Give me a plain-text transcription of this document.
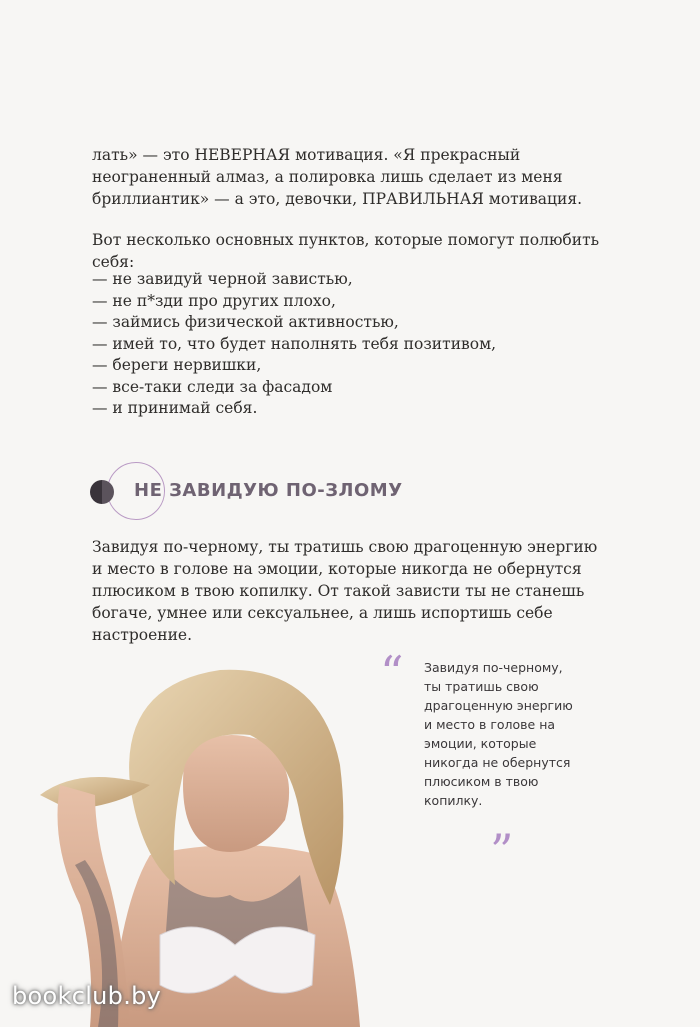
лать» — это НЕВЕРНАЯ мотивация. «Я прекрасный неограненный алмаз, а полировка лишь сделает из меня бриллиантик» — а это, девочки, ПРАВИЛЬНАЯ мотивация.

Вот несколько основных пунктов, которые помогут полюбить себя:

— не завидуй черной завистью,
— не п*зди про других плохо,
— займись физической активностью,
— имей то, что будет наполнять тебя позитивом,
— береги нервишки,
— все-таки следи за фасадом
— и принимай себя.
НЕ ЗАВИДУЮ ПО-ЗЛОМУ

Завидуя по-черному, ты тратишь свою драгоценную энергию и место в голове на эмоции, которые никогда не обернутся плюсиком в твою копилку. От такой зависти ты не станешь богаче, умнее или сексуальнее, а лишь испортишь себе настроение.

“ Завидуя по-черному, ты тратишь свою драгоценную энергию и место в голове на эмоции, которые никогда не обернутся плюсиком в твою копилку.
”
bookclub.by
